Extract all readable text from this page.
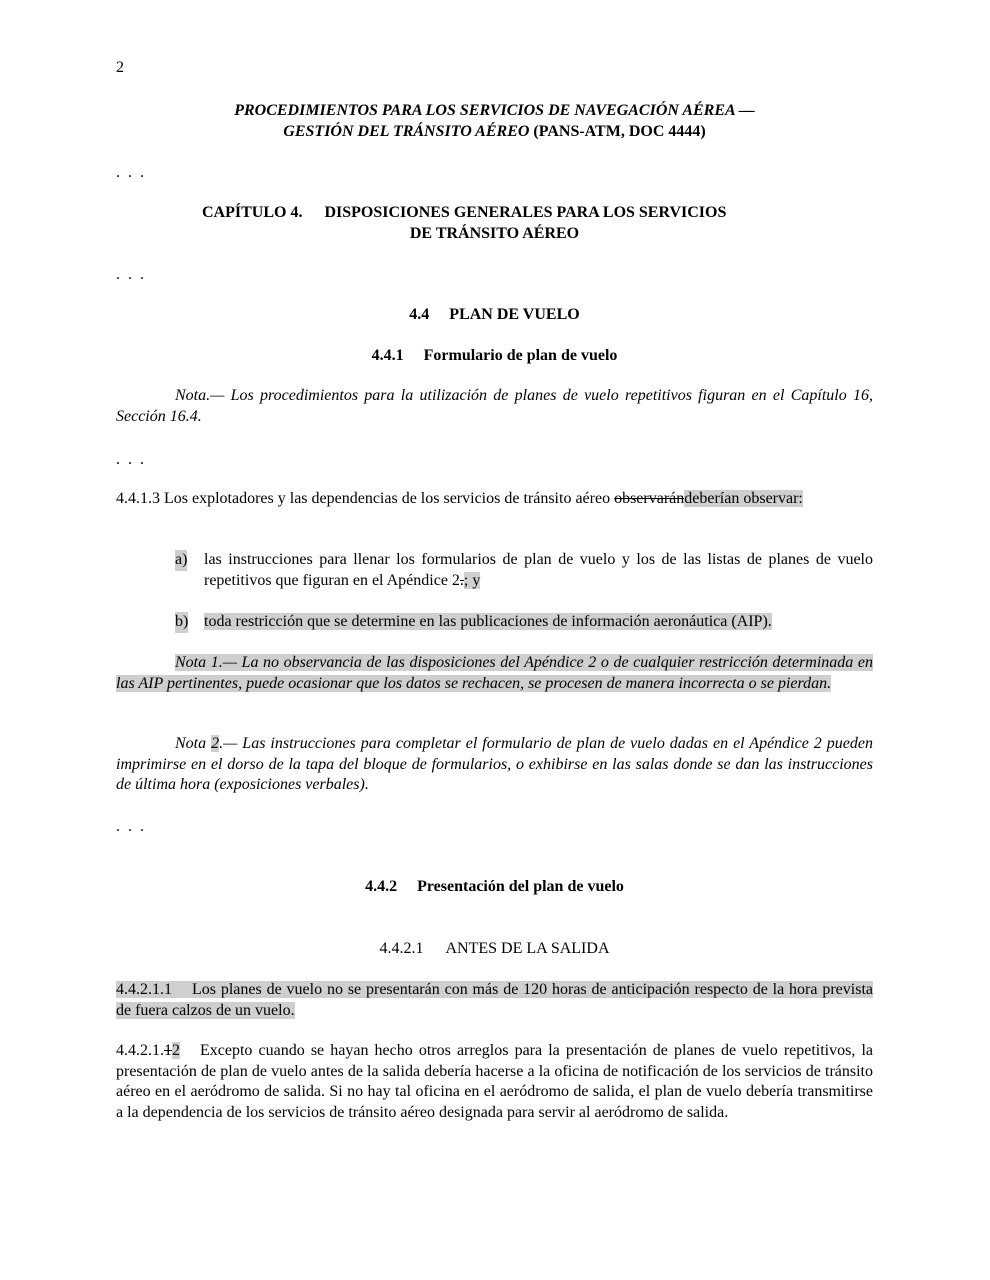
2
PROCEDIMIENTOS PARA LOS SERVICIOS DE NAVEGACIÓN AÉREA —
GESTIÓN DEL TRÁNSITO AÉREO (PANS-ATM, DOC 4444)
. . .
CAPÍTULO 4. DISPOSICIONES GENERALES PARA LOS SERVICIOS
DE TRÁNSITO AÉREO
. . .
4.4 PLAN DE VUELO
4.4.1 Formulario de plan de vuelo
Nota.— Los procedimientos para la utilización de planes de vuelo repetitivos figuran en el Capítulo 16, Sección 16.4.
. . .
4.4.1.3 Los explotadores y las dependencias de los servicios de tránsito aéreo observarándeberían observar:
a)	las instrucciones para llenar los formularios de plan de vuelo y los de las listas de planes de vuelo repetitivos que figuran en el Apéndice 2.; y
b) toda restricción que se determine en las publicaciones de información aeronáutica (AIP).
Nota 1.— La no observancia de las disposiciones del Apéndice 2 o de cualquier restricción determinada en las AIP pertinentes, puede ocasionar que los datos se rechacen, se procesen de manera incorrecta o se pierdan.
Nota 2.— Las instrucciones para completar el formulario de plan de vuelo dadas en el Apéndice 2 pueden imprimirse en el dorso de la tapa del bloque de formularios, o exhibirse en las salas donde se dan las instrucciones de última hora (exposiciones verbales).
. . .
4.4.2 Presentación del plan de vuelo
4.4.2.1 ANTES DE LA SALIDA
4.4.2.1.1 Los planes de vuelo no se presentarán con más de 120 horas de anticipación respecto de la hora prevista de fuera calzos de un vuelo.
4.4.2.1.12 Excepto cuando se hayan hecho otros arreglos para la presentación de planes de vuelo repetitivos, la presentación de plan de vuelo antes de la salida debería hacerse a la oficina de notificación de los servicios de tránsito aéreo en el aeródromo de salida. Si no hay tal oficina en el aeródromo de salida, el plan de vuelo debería transmitirse a la dependencia de los servicios de tránsito aéreo designada para servir al aeródromo de salida.
